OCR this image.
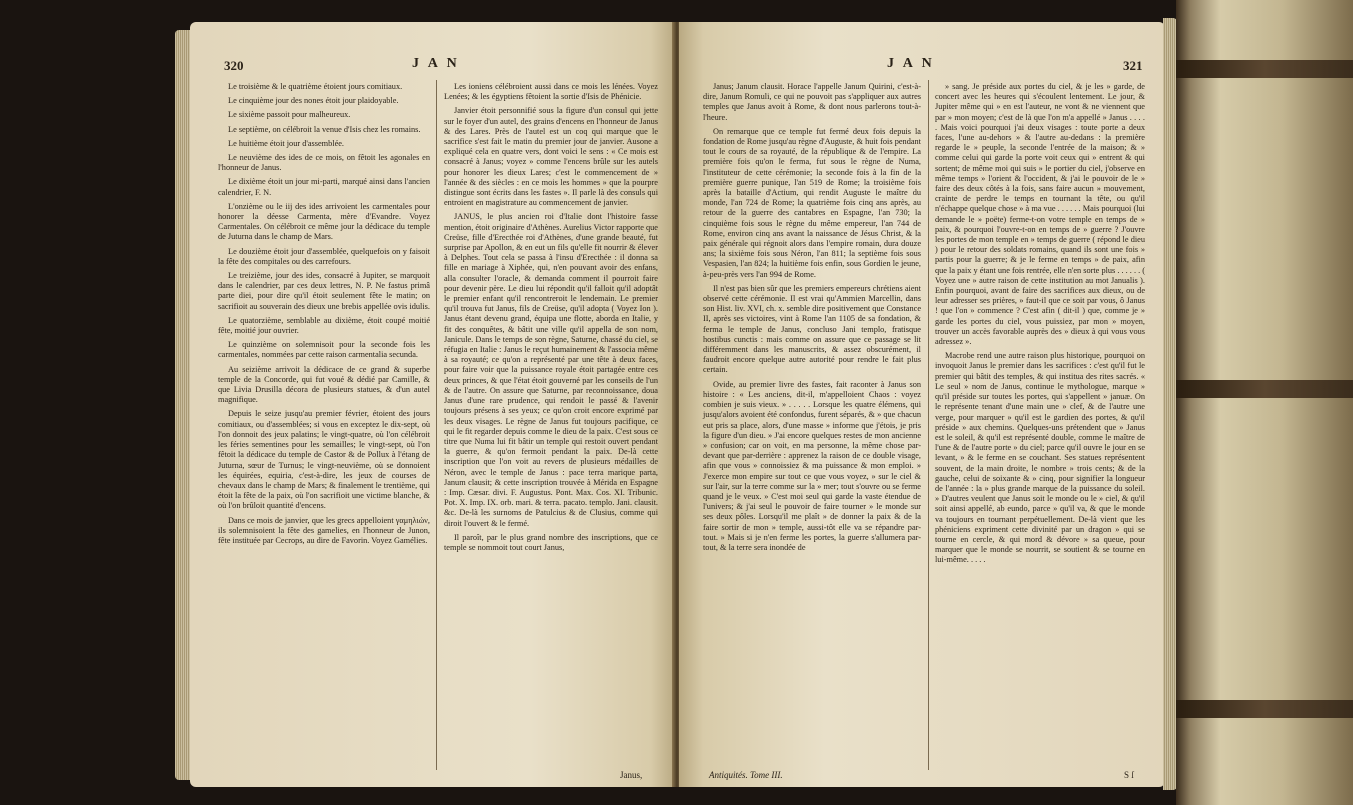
320	J A N

Le troisième & le quatrième étoient jours comitiaux.

Le cinquième jour des nones étoit jour plaidoyable.

Le sixième passoit pour malheureux.

Le septième, on célébroit la venue d'Isis chez les romains.

Le huitième étoit jour d'assemblée.

Le neuvième des ides de ce mois, on fêtoit les agonales en l'honneur de Janus.

Le dixième étoit un jour mi-parti, marqué ainsi dans l'ancien calendrier, F. N.

L'onzième ou le iij des ides arrivoient les carmentales pour honorer la déesse Carmenta, mère d'Evandre. Voyez Carmentales. On célébroit ce même jour la dédicace du temple de Juturna dans le champ de Mars.

Le douzième étoit jour d'assemblée, quelquefois on y faisoit la fête des compitales ou des carrefours.

Le treizième, jour des ides, consacré à Jupiter, se marquoit dans le calendrier, par ces deux lettres, N. P. Ne fastus primâ parte diei, pour dire qu'il étoit seulement fête le matin; on sacrifioit au souverain des dieux une brebis appellée ovis idulis.

Le quatorzième, semblable au dixième, étoit coupé moitié fête, moitié jour ouvrier.

Le quinzième on solemnisoit pour la seconde fois les carmentales, nommées par cette raison carmentalia secunda.

Au seizième arrivoit la dédicace de ce grand & superbe temple de la Concorde, qui fut voué & dédié par Camille, & que Livia Drusilla décora de plusieurs statues, & d'un autel magnifique.

Depuis le seize jusqu'au premier février, étoient des jours comitiaux, ou d'assemblées; si vous en exceptez le dix-sept, où l'on donnoit des jeux palatins; le vingt-quatre, où l'on célébroit les féries sementines pour les semailles; le vingt-sept, où l'on fêtoit la dédicace du temple de Castor & de Pollux à l'étang de Juturna, sœur de Turnus; le vingt-neuvième, où se donnoient les équirées, equiria, c'est-à-dire, les jeux de courses de chevaux dans le champ de Mars; & finalement le trentième, qui étoit la fête de la paix, où l'on sacrifioit une victime blanche, & où l'on brûloit quantité d'encens.

Dans ce mois de janvier, que les grecs appelloient γαμηλιών, ils solemnisoient la fête des gamelies, en l'honneur de Junon, fête instituée par Cecrops, au dire de Favorin. Voyez Gamélies.

Les ioniens célébroient aussi dans ce mois les lénées. Voyez Lenées; & les égyptiens fêtoient la sortie d'Isis de Phénicie.

Janvier étoit personnifié sous la figure d'un consul qui jette sur le foyer d'un autel, des grains d'encens en l'honneur de Janus & des Lares. Près de l'autel est un coq qui marque que le sacrifice s'est fait le matin du premier jour de janvier. Ausone a expliqué cela en quatre vers, dont voici le sens : « Ce mois est consacré à Janus; voyez » comme l'encens brûle sur les autels pour honorer les dieux Lares; c'est le commencement de » l'année & des siècles : en ce mois les hommes » que la pourpre distingue sont écrits dans les fastes ». Il parle là des consuls qui entroient en magistrature au commencement de janvier.

JANUS, le plus ancien roi d'Italie dont l'histoire fasse mention, étoit originaire d'Athènes. Aurelius Victor rapporte que Creüse, fille d'Erecthée roi d'Athènes, d'une grande beauté, fut surprise par Apollon, & en eut un fils qu'elle fit nourrir & élever à Delphes. Tout cela se passa à l'insu d'Erecthée : il donna sa fille en mariage à Xiphée, qui, n'en pouvant avoir des enfans, alla consulter l'oracle, & demanda comment il pourroit faire pour devenir père. Le dieu lui répondit qu'il falloit qu'il adoptât le premier enfant qu'il rencontreroit le lendemain. Le premier qu'il trouva fut Janus, fils de Creüse, qu'il adopta ( Voyez Ion ). Janus étant devenu grand, équipa une flotte, aborda en Italie, y fit des conquêtes, & bâtit une ville qu'il appella de son nom, Janicule. Dans le temps de son règne, Saturne, chassé du ciel, se réfugia en Italie : Janus le reçut humainement & l'associa même à sa royauté; ce qu'on a représenté par une tête à deux faces, pour faire voir que la puissance royale étoit partagée entre ces deux princes, & que l'état étoit gouverné par les conseils de l'un & de l'autre. On assure que Saturne, par reconnoissance, doua Janus d'une rare prudence, qui rendoit le passé & l'avenir toujours présens à ses yeux; ce qu'on croit encore exprimé par les deux visages. Le règne de Janus fut toujours pacifique, ce qui le fit regarder depuis comme le dieu de la paix. C'est sous ce titre que Numa lui fit bâtir un temple qui restoit ouvert pendant la guerre, & qu'on fermoit pendant la paix. De-là cette inscription que l'on voit au revers de plusieurs médailles de Néron, avec le temple de Janus : pace terra marique parta, Janum clausit; & cette inscription trouvée à Mérida en Espagne : Imp. Cæsar. divi. F. Augustus. Pont. Max. Cos. XI. Tribunic. Pot. X. Imp. IX. orb. mari. & terra. pacato. templo. Jani. clausit. &c. De-là les surnoms de Patulcius & de Clusius, comme qui diroit l'ouvert & le fermé.

Il paroît, par le plus grand nombre des inscriptions, que ce temple se nommoit tout court Janus,

Janus,
J A N	321

Janus; Janum clausit. Horace l'appelle Janum Quirini, c'est-à-dire, Janum Romuli, ce qui ne pouvoit pas s'appliquer aux autres temples que Janus avoit à Rome, & dont nous parlerons tout-à-l'heure.

On remarque que ce temple fut fermé deux fois depuis la fondation de Rome jusqu'au règne d'Auguste, & huit fois pendant tout le cours de sa royauté, de la république & de l'empire. La première fois qu'on le ferma, fut sous le règne de Numa, l'instituteur de cette cérémonie; la seconde fois à la fin de la première guerre punique, l'an 519 de Rome; la troisième fois après la bataille d'Actium, qui rendit Auguste le maître du monde, l'an 724 de Rome; la quatrième fois cinq ans après, au retour de la guerre des cantabres en Espagne, l'an 730; la cinquième fois sous le règne du même empereur, l'an 744 de Rome, environ cinq ans avant la naissance de Jésus Christ, & la paix générale qui régnoit alors dans l'empire romain, dura douze ans; la sixième fois sous Néron, l'an 811; la septième fois sous Vespasien, l'an 824; la huitième fois enfin, sous Gordien le jeune, à-peu-près vers l'an 994 de Rome.

Il n'est pas bien sûr que les premiers empereurs chrétiens aient observé cette cérémonie. Il est vrai qu'Ammien Marcellin, dans son Hist. liv. XVI, ch. x. semble dire positivement que Constance II, après ses victoires, vint à Rome l'an 1105 de sa fondation, & ferma le temple de Janus, concluso Jani templo, fratisque hostibus cunctis : mais comme on assure que ce passage se lit différemment dans les manuscrits, & assez obscurément, il faudroit encore quelque autre autorité pour rendre le fait plus certain.

Ovide, au premier livre des fastes, fait raconter à Janus son histoire : « Les anciens, dit-il, m'appelloient Chaos : voyez combien je suis vieux. » . . . . . Lorsque les quatre élémens, qui jusqu'alors avoient été confondus, furent séparés, & » que chacun eut pris sa place, alors, d'une masse » informe que j'étois, je pris la figure d'un dieu. » J'ai encore quelques restes de mon ancienne » confusion; car on voit, en ma personne, la même chose par-devant que par-derrière : apprenez la raison de ce double visage, afin que vous » connoissiez & ma puissance & mon emploi. » J'exerce mon empire sur tout ce que vous voyez, » sur le ciel & sur l'air, sur la terre comme sur la » mer; tout s'ouvre ou se ferme quand je le veux. » C'est moi seul qui garde la vaste étendue de l'univers; & j'ai seul le pouvoir de faire tourner » le monde sur ses deux pôles. Lorsqu'il me plaît » de donner la paix & de la faire sortir de mon » temple, aussi-tôt elle va se répandre par-tout. » Mais si je n'en ferme les portes, la guerre s'allumera par-tout, & la terre sera inondée de

» sang. Je préside aux portes du ciel, & je les » garde, de concert avec les heures qui s'écoulent lentement. Le jour, & Jupiter même qui » en est l'auteur, ne vont & ne viennent que par » mon moyen; c'est de là que l'on m'a appellé » Janus . . . . . Mais voici pourquoi j'ai deux visages : toute porte a deux faces, l'une au-dehors » & l'autre au-dedans : la première regarde le » peuple, la seconde l'entrée de la maison; & » comme celui qui garde la porte voit ceux qui » entrent & qui sortent; de même moi qui suis » le portier du ciel, j'observe en même temps » l'orient & l'occident, & j'ai le pouvoir de le » faire des deux côtés à la fois, sans faire aucun » mouvement, crainte de perdre le temps en tournant la tête, ou qu'il n'échappe quelque chose » à ma vue . . . . . . Mais pourquoi (lui demande le » poëte) ferme-t-on votre temple en temps de » paix, & pourquoi l'ouvre-t-on en temps de » guerre ? J'ouvre les portes de mon temple en » temps de guerre ( répond le dieu ) pour le retour des soldats romains, quand ils sont une fois » partis pour la guerre; & je le ferme en temps » de paix, afin que la paix y étant une fois rentrée, elle n'en sorte plus . . . . . . ( Voyez une » autre raison de cette institution au mot Janualis ). Enfin pourquoi, avant de faire des sacrifices aux dieux, ou de leur adresser ses prières, » faut-il que ce soit par vous, ô Janus ! que l'on » commence ? C'est afin ( dit-il ) que, comme je » garde les portes du ciel, vous puissiez, par mon » moyen, trouver un accès favorable auprès des » dieux à qui vous vous adressez ».

Macrobe rend une autre raison plus historique, pourquoi on invoquoit Janus le premier dans les sacrifices : c'est qu'il fut le premier qui bâtit des temples, & qui institua des rites sacrés. « Le seul » nom de Janus, continue le mythologue, marque » qu'il préside sur toutes les portes, qui s'appellent » januæ. On le représente tenant d'une main une » clef, & de l'autre une verge, pour marquer » qu'il est le gardien des portes, & qu'il préside » aux chemins. Quelques-uns prétendent que » Janus est le soleil, & qu'il est représenté double, comme le maître de l'une & de l'autre porte » du ciel; parce qu'il ouvre le jour en se levant, » & le ferme en se couchant. Ses statues représentent souvent, de la main droite, le nombre » trois cents; & de la gauche, celui de soixante & » cinq, pour signifier la longueur de l'année : la » plus grande marque de la puissance du soleil. » D'autres veulent que Janus soit le monde ou le » ciel, & qu'il soit ainsi appellé, ab eundo, parce » qu'il va, & que le monde va toujours en tournant perpétuellement. De-là vient que les phéniciens expriment cette divinité par un dragon » qui se tourne en cercle, & qui mord & dévore » sa queue, pour marquer que le monde se nourrit, se soutient & se tourne en lui-même. . . . .

Antiquités. Tome III.	S ſ
